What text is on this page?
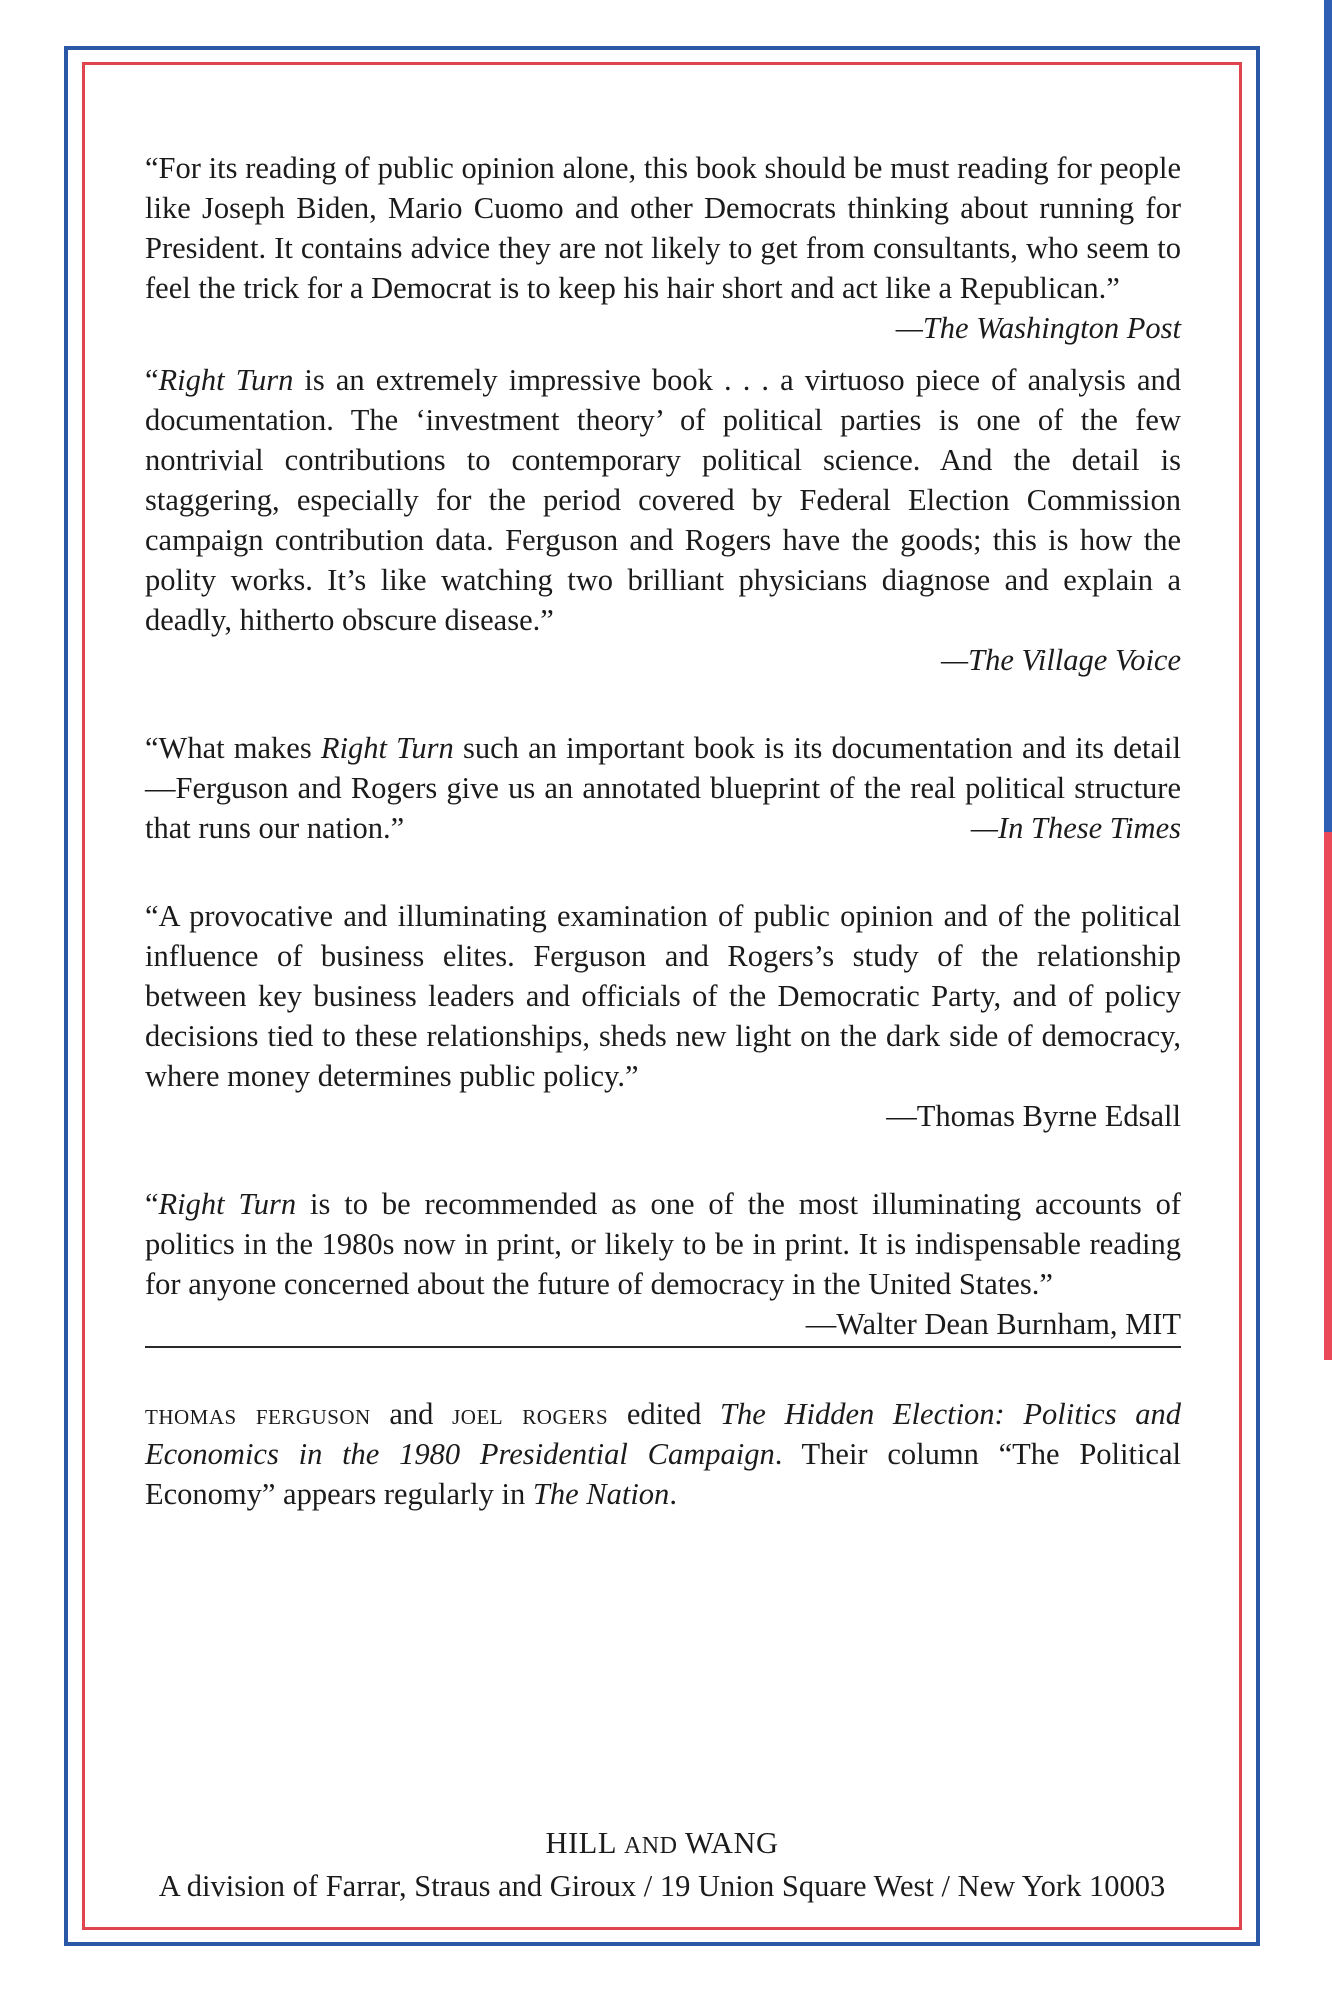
“For its reading of public opinion alone, this book should be must reading for people like Joseph Biden, Mario Cuomo and other Democrats thinking about running for President. It contains advice they are not likely to get from consultants, who seem to feel the trick for a Democrat is to keep his hair short and act like a Republican.”
—The Washington Post

“Right Turn is an extremely impressive book . . . a virtuoso piece of analysis and documentation. The ‘investment theory’ of political parties is one of the few nontrivial contributions to contemporary political science. And the detail is staggering, especially for the period covered by Federal Election Commission campaign contribution data. Ferguson and Rogers have the goods; this is how the polity works. It’s like watching two brilliant physicians diagnose and explain a deadly, hitherto obscure disease.”
—The Village Voice

“What makes Right Turn such an important book is its documentation and its detail—Ferguson and Rogers give us an annotated blueprint of the real political structure that runs our nation.”	—In These Times

“A provocative and illuminating examination of public opinion and of the political influence of business elites. Ferguson and Rogers’s study of the relationship between key business leaders and officials of the Democratic Party, and of policy decisions tied to these relationships, sheds new light on the dark side of democracy, where money determines public policy.”
—Thomas Byrne Edsall

“Right Turn is to be recommended as one of the most illuminating accounts of politics in the 1980s now in print, or likely to be in print. It is indispensable reading for anyone concerned about the future of democracy in the United States.”
—Walter Dean Burnham, MIT

thomas ferguson and joel rogers edited The Hidden Election: Politics and Economics in the 1980 Presidential Campaign. Their column “The Political Economy” appears regularly in The Nation.

HILL AND WANG
A division of Farrar, Straus and Giroux / 19 Union Square West / New York 10003
